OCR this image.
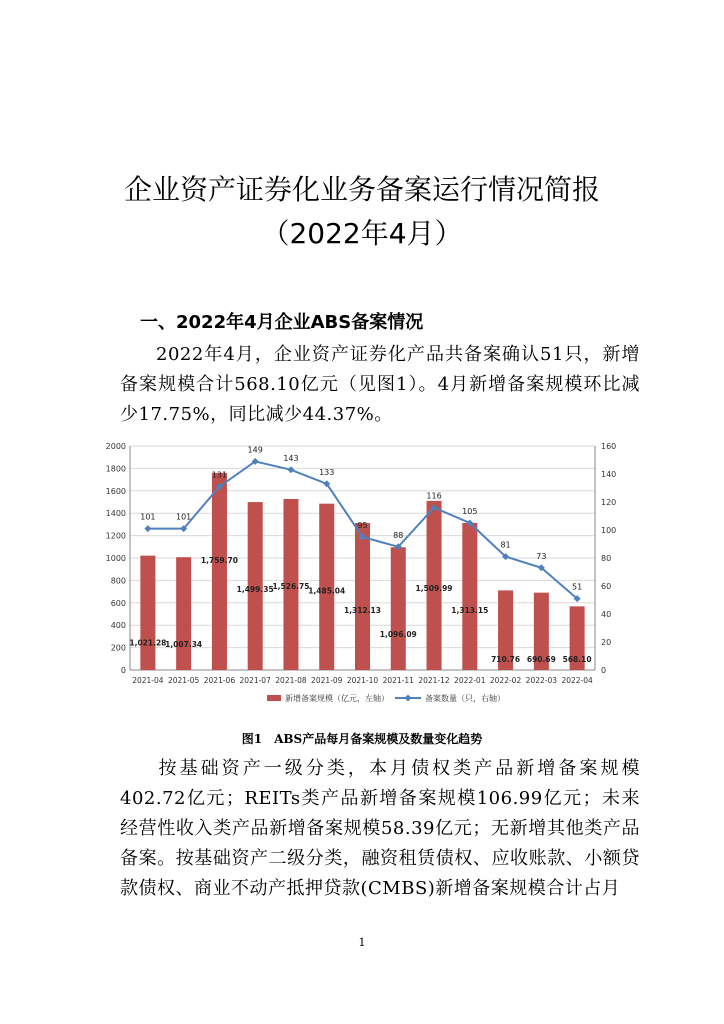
企业资产证券化业务备案运行情况简报
（2022年4月）
一、2022年4月企业ABS备案情况

2022年4月，企业资产证券化产品共备案确认51只，新增备案规模合计568.10亿元（见图1）。4月新增备案规模环比减少17.75%，同比减少44.37%。

0
200
400
600
800
1000
1200
1400
1600
1800
2000
0
20
40
60
80
100
120
140
160
1,021.28
1,007.34
1,759.70
1,499.35
1,526.75
1,485.04
1,312.13
1,096.09
1,509.99
1,313.15
710.76 690.69 568.10
101	101
131
149
143
133
95
88
116
105
81
73
51
2021-04 2021-05 2021-06 2021-07 2021-08 2021-09 2021-10 2021-11 2021-12 2022-01 2022-02 2022-03 2022-04
新增备案规模（亿元，左轴）	备案数量（只，右轴）
图1　ABS产品每月备案规模及数量变化趋势

按基础资产一级分类，本月债权类产品新增备案规模402.72亿元；REITs类产品新增备案规模106.99亿元；未来经营性收入类产品新增备案规模58.39亿元；无新增其他类产品备案。按基础资产二级分类，融资租赁债权、应收账款、小额贷款债权、商业不动产抵押贷款(CMBS)新增备案规模合计占月

1
